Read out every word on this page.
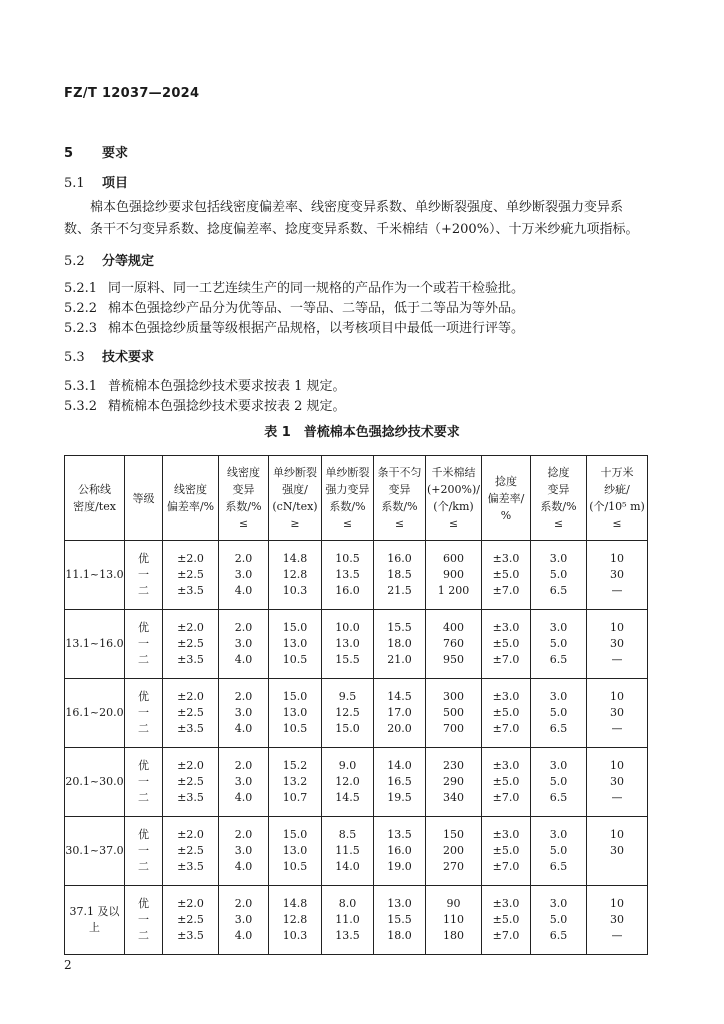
FZ/T 12037—2024
5 要求
5.1 项目
棉本色强捻纱要求包括线密度偏差率、线密度变异系数、单纱断裂强度、单纱断裂强力变异系数、条干不匀变异系数、捻度偏差率、捻度变异系数、千米棉结（+200%）、十万米纱疵九项指标。
5.2 分等规定
5.2.1 同一原料、同一工艺连续生产的同一规格的产品作为一个或若干检验批。
5.2.2 棉本色强捻纱产品分为优等品、一等品、二等品，低于二等品为等外品。
5.2.3 棉本色强捻纱质量等级根据产品规格，以考核项目中最低一项进行评等。
5.3 技术要求
5.3.1 普梳棉本色强捻纱技术要求按表 1 规定。
5.3.2 精梳棉本色强捻纱技术要求按表 2 规定。
表 1　普梳棉本色强捻纱技术要求
公称线
密度/tex	等级	线密度
偏差率/%	线密度
变异
系数/%
≤	单纱断裂
强度/
(cN/tex)
≥	单纱断裂
强力变异
系数/%
≤	条干不匀
变异
系数/%
≤	千米棉结
(+200%)/
(个/km)
≤	捻度
偏差率/
%	捻度
变异
系数/%
≤	十万米
纱疵/
(个/10⁵ m)
≤

11.1~13.0	优
一
二	±2.0
±2.5
±3.5	2.0
3.0
4.0	14.8
12.8
10.3	10.5
13.5
16.0	16.0
18.5
21.5	600
900
1 200	±3.0
±5.0
±7.0	3.0
5.0
6.5	10
30
—

13.1~16.0	优
一
二	±2.0
±2.5
±3.5	2.0
3.0
4.0	15.0
13.0
10.5	10.0
13.0
15.5	15.5
18.0
21.0	400
760
950	±3.0
±5.0
±7.0	3.0
5.0
6.5	10
30
—

16.1~20.0	优
一
二	±2.0
±2.5
±3.5	2.0
3.0
4.0	15.0
13.0
10.5	9.5
12.5
15.0	14.5
17.0
20.0	300
500
700	±3.0
±5.0
±7.0	3.0
5.0
6.5	10
30
—

20.1~30.0	优
一
二	±2.0
±2.5
±3.5	2.0
3.0
4.0	15.2
13.2
10.7	9.0
12.0
14.5	14.0
16.5
19.5	230
290
340	±3.0
±5.0
±7.0	3.0
5.0
6.5	10
30
—

30.1~37.0	优
一
二	±2.0
±2.5
±3.5	2.0
3.0
4.0	15.0
13.0
10.5	8.5
11.5
14.0	13.5
16.0
19.0	150
200
270	±3.0
±5.0
±7.0	3.0
5.0
6.5	10
30

37.1 及以上	优
一
二	±2.0
±2.5
±3.5	2.0
3.0
4.0	14.8
12.8
10.3	8.0
11.0
13.5	13.0
15.5
18.0	90
110
180	±3.0
±5.0
±7.0	3.0
5.0
6.5	10
30
—
2
